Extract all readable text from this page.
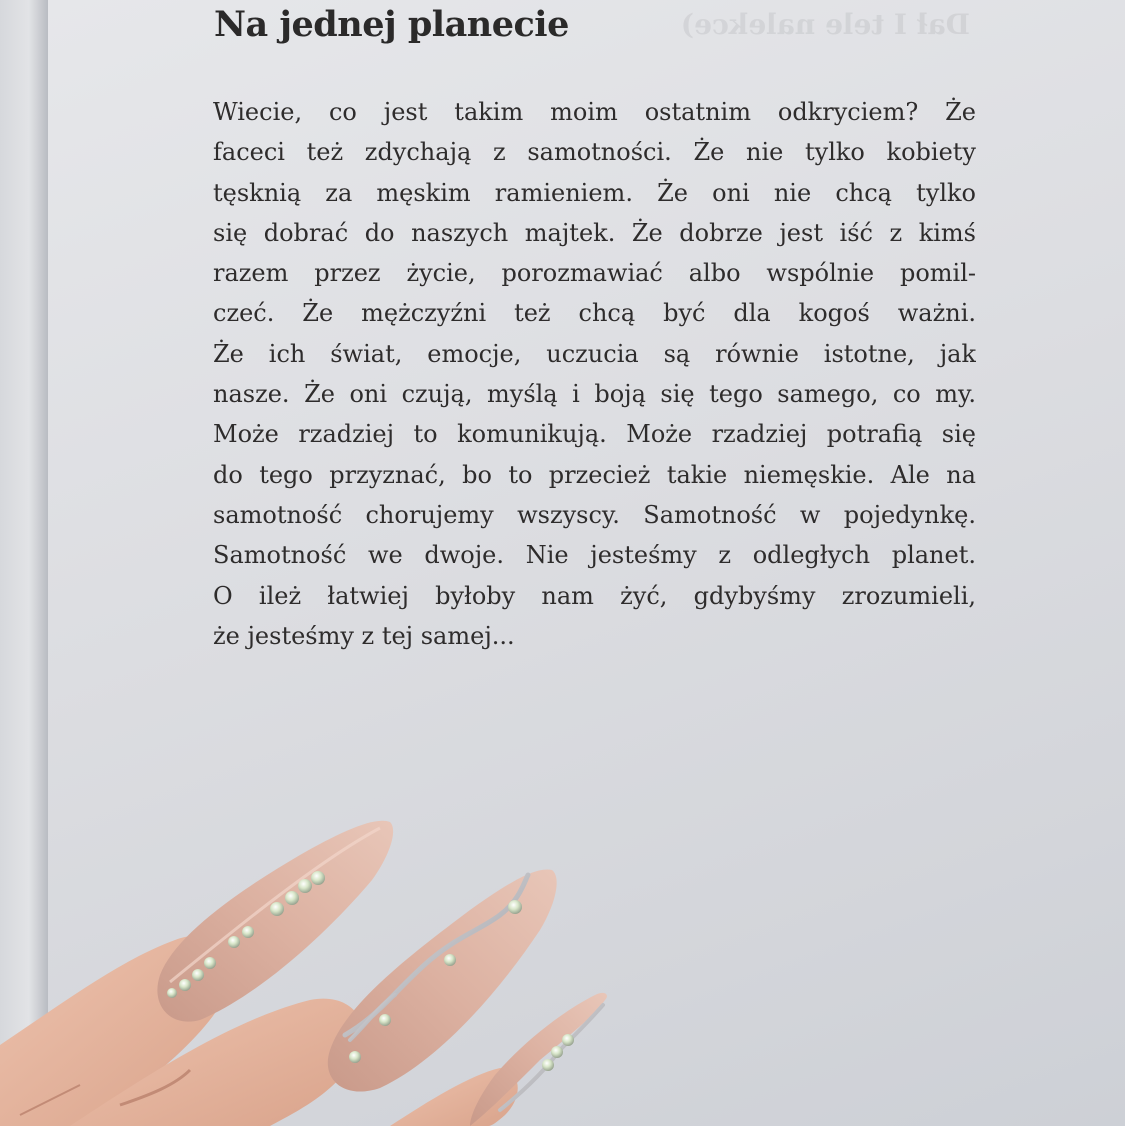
Dał I tele nalekce)
Na jednej planecie
Wiecie, co jest takim moim ostatnim odkryciem? Że
faceci też zdychają z samotności. Że nie tylko kobiety
tęsknią za męskim ramieniem. Że oni nie chcą tylko
się dobrać do naszych majtek. Że dobrze jest iść z kimś
razem przez życie, porozmawiać albo wspólnie pomil-
czeć. Że mężczyźni też chcą być dla kogoś ważni.
Że ich świat, emocje, uczucia są równie istotne, jak
nasze. Że oni czują, myślą i boją się tego samego, co my.
Może rzadziej to komunikują. Może rzadziej potrafią się
do tego przyznać, bo to przecież takie niemęskie. Ale na
samotność chorujemy wszyscy. Samotność w pojedynkę.
Samotność we dwoje. Nie jesteśmy z odległych planet.
O ileż łatwiej byłoby nam żyć, gdybyśmy zrozumieli,
że jesteśmy z tej samej...
